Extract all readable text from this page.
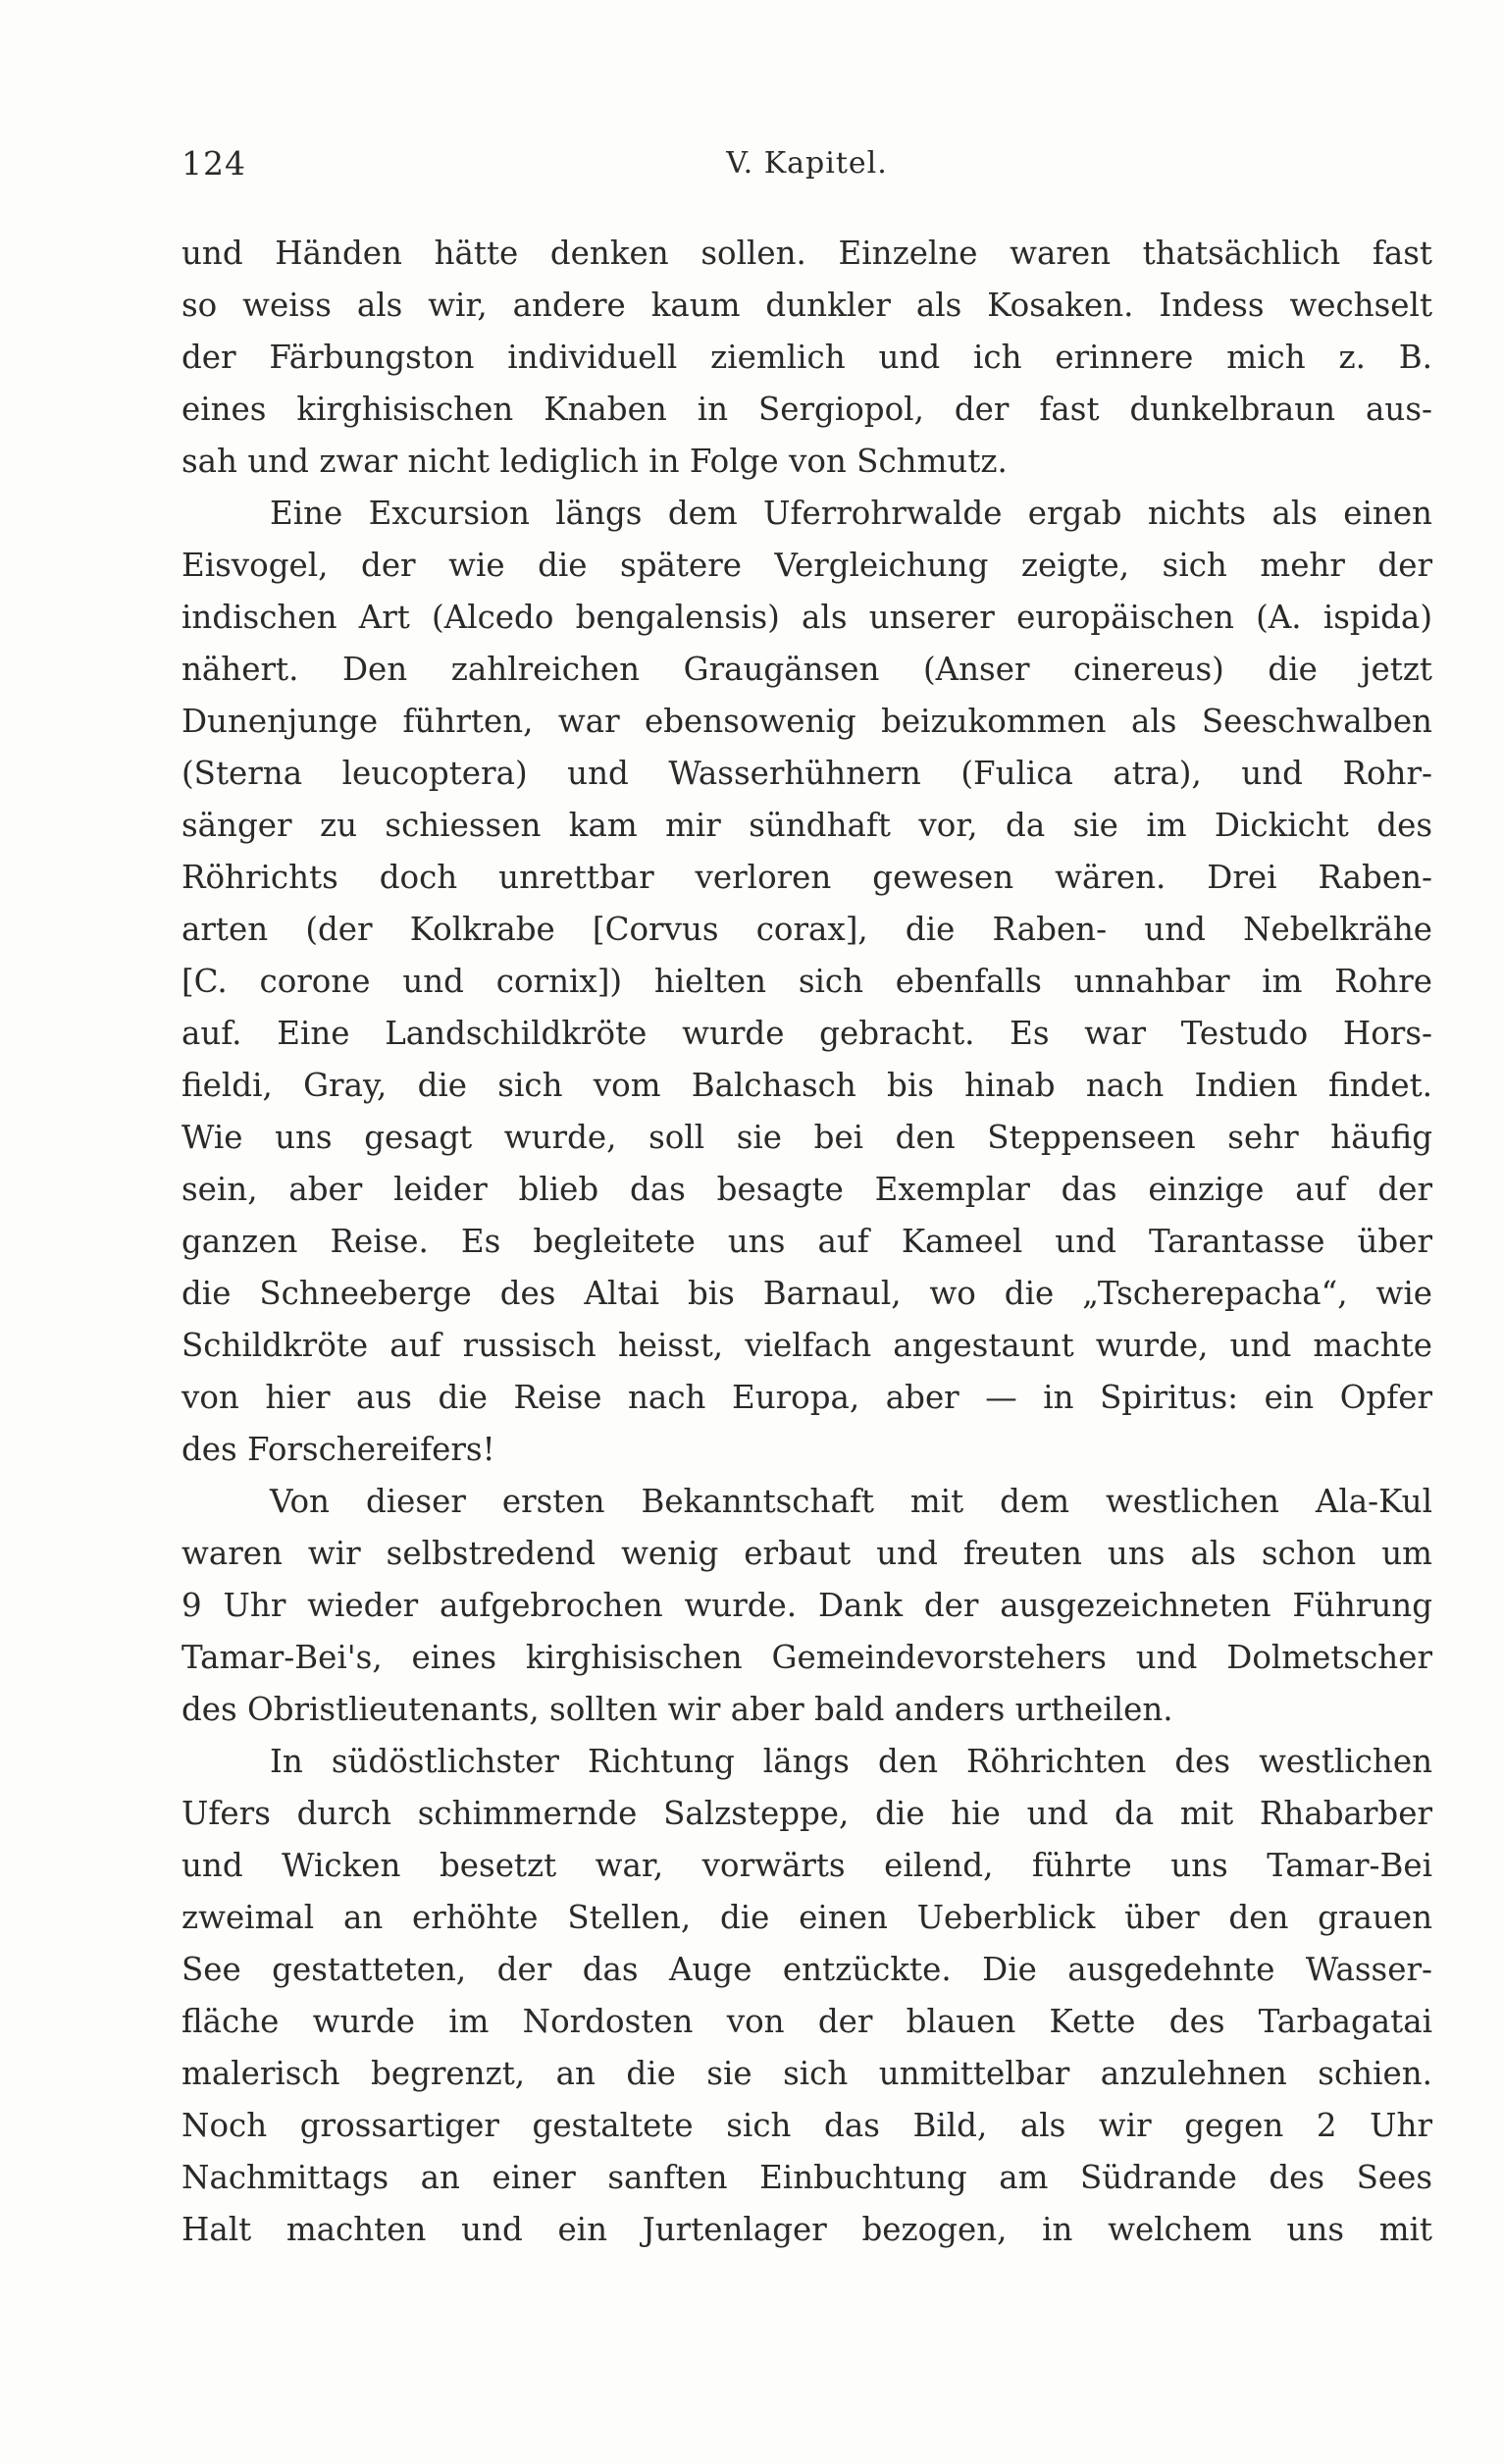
124	V. Kapitel.
und Händen hätte denken sollen. Einzelne waren thatsächlich fast
so weiss als wir, andere kaum dunkler als Kosaken. Indess wechselt
der Färbungston individuell ziemlich und ich erinnere mich z. B.
eines kirghisischen Knaben in Sergiopol, der fast dunkelbraun aus-
sah und zwar nicht lediglich in Folge von Schmutz.
Eine Excursion längs dem Uferrohrwalde ergab nichts als einen
Eisvogel, der wie die spätere Vergleichung zeigte, sich mehr der
indischen Art (Alcedo bengalensis) als unserer europäischen (A. ispida)
nähert. Den zahlreichen Graugänsen (Anser cinereus) die jetzt
Dunenjunge führten, war ebensowenig beizukommen als Seeschwalben
(Sterna leucoptera) und Wasserhühnern (Fulica atra), und Rohr-
sänger zu schiessen kam mir sündhaft vor, da sie im Dickicht des
Röhrichts doch unrettbar verloren gewesen wären. Drei Raben-
arten (der Kolkrabe [Corvus corax], die Raben- und Nebelkrähe
[C. corone und cornix]) hielten sich ebenfalls unnahbar im Rohre
auf. Eine Landschildkröte wurde gebracht. Es war Testudo Hors-
fieldi, Gray, die sich vom Balchasch bis hinab nach Indien findet.
Wie uns gesagt wurde, soll sie bei den Steppenseen sehr häufig
sein, aber leider blieb das besagte Exemplar das einzige auf der
ganzen Reise. Es begleitete uns auf Kameel und Tarantasse über
die Schneeberge des Altai bis Barnaul, wo die „Tscherepacha“, wie
Schildkröte auf russisch heisst, vielfach angestaunt wurde, und machte
von hier aus die Reise nach Europa, aber — in Spiritus: ein Opfer
des Forschereifers!
Von dieser ersten Bekanntschaft mit dem westlichen Ala-Kul
waren wir selbstredend wenig erbaut und freuten uns als schon um
9 Uhr wieder aufgebrochen wurde. Dank der ausgezeichneten Führung
Tamar-Bei's, eines kirghisischen Gemeindevorstehers und Dolmetscher
des Obristlieutenants, sollten wir aber bald anders urtheilen.
In südöstlichster Richtung längs den Röhrichten des westlichen
Ufers durch schimmernde Salzsteppe, die hie und da mit Rhabarber
und Wicken besetzt war, vorwärts eilend, führte uns Tamar-Bei
zweimal an erhöhte Stellen, die einen Ueberblick über den grauen
See gestatteten, der das Auge entzückte. Die ausgedehnte Wasser-
fläche wurde im Nordosten von der blauen Kette des Tarbagatai
malerisch begrenzt, an die sie sich unmittelbar anzulehnen schien.
Noch grossartiger gestaltete sich das Bild, als wir gegen 2 Uhr
Nachmittags an einer sanften Einbuchtung am Südrande des Sees
Halt machten und ein Jurtenlager bezogen, in welchem uns mit
